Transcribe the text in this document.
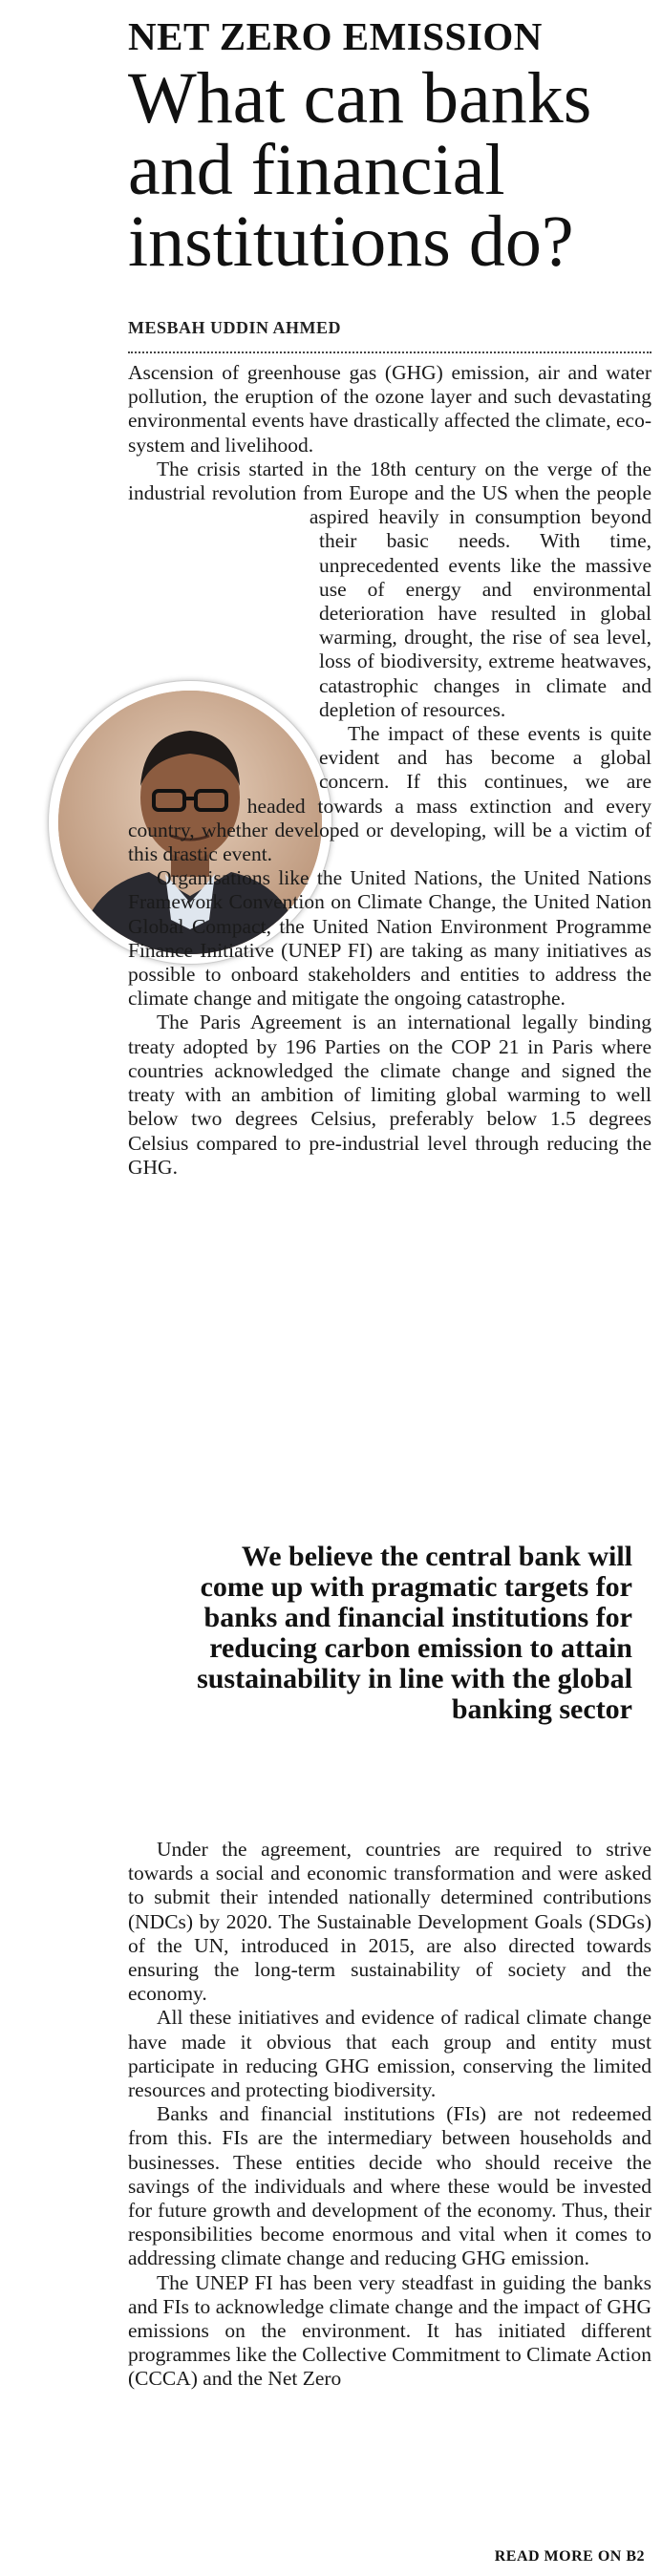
NET ZERO EMISSION
What can banks and financial institutions do?
MESBAH UDDIN AHMED

Ascension of greenhouse gas (GHG) emission, air and water pollution, the eruption of the ozone layer and such devastating environmental events have drastically affected the climate, eco-system and livelihood.

The crisis started in the 18th century on the verge of the industrial revolution from Europe and the US when the people aspired heavily in consumption beyond their basic needs. With time, unprecedented events like the massive use of energy and environmental deterioration have resulted in global warming, drought, the rise of sea level, loss of biodiversity, extreme heatwaves, catastrophic changes in climate and depletion of resources.

The impact of these events is quite evident and has become a global concern. If this continues, we are headed towards a mass extinction and every country, whether developed or developing, will be a victim of this drastic event.

Organisations like the United Nations, the United Nations Framework Convention on Climate Change, the United Nation Global Compact, the United Nation Environment Programme Finance Initiative (UNEP FI) are taking as many initiatives as possible to onboard stakeholders and entities to address the climate change and mitigate the ongoing catastrophe.

The Paris Agreement is an international legally binding treaty adopted by 196 Parties on the COP 21 in Paris where countries acknowledged the climate change and signed the treaty with an ambition of limiting global warming to well below two degrees Celsius, preferably below 1.5 degrees Celsius compared to pre-industrial level through reducing the GHG.

We believe the central bank will come up with pragmatic targets for banks and financial institutions for reducing carbon emission to attain sustainability in line with the global banking sector

Under the agreement, countries are required to strive towards a social and economic transformation and were asked to submit their intended nationally determined contributions (NDCs) by 2020. The Sustainable Development Goals (SDGs) of the UN, introduced in 2015, are also directed towards ensuring the long-term sustainability of society and the economy.

All these initiatives and evidence of radical climate change have made it obvious that each group and entity must participate in reducing GHG emission, conserving the limited resources and protecting biodiversity.

Banks and financial institutions (FIs) are not redeemed from this. FIs are the intermediary between households and businesses. These entities decide who should receive the savings of the individuals and where these would be invested for future growth and development of the economy. Thus, their responsibilities become enormous and vital when it comes to addressing climate change and reducing GHG emission.

The UNEP FI has been very steadfast in guiding the banks and FIs to acknowledge climate change and the impact of GHG emissions on the environment. It has initiated different programmes like the Collective Commitment to Climate Action (CCCA) and the Net Zero

READ MORE ON B2
